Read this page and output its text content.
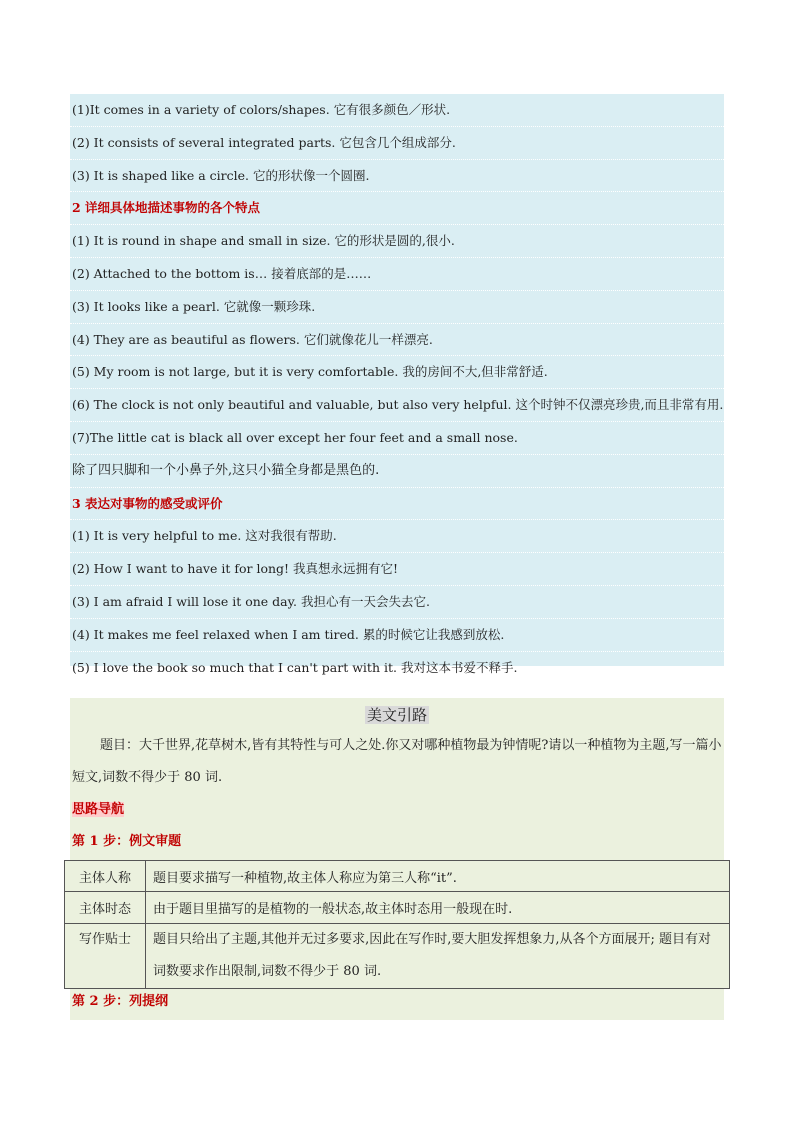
(1)It comes in a variety of colors/shapes. 它有很多颜色／形状.
(2) It consists of several integrated parts. 它包含几个组成部分.
(3) It is shaped like a circle. 它的形状像一个圆圈.
2 详细具体地描述事物的各个特点
(1) It is round in shape and small in size. 它的形状是圆的,很小.
(2) Attached to the bottom is… 接着底部的是……
(3) It looks like a pearl. 它就像一颗珍珠.
(4) They are as beautiful as flowers. 它们就像花儿一样漂亮.
(5) My room is not large, but it is very comfortable. 我的房间不大,但非常舒适.
(6) The clock is not only beautiful and valuable, but also very helpful. 这个时钟不仅漂亮珍贵,而且非常有用.
(7)The little cat is black all over except her four feet and a small nose.
除了四只脚和一个小鼻子外,这只小猫全身都是黑色的.
3 表达对事物的感受或评价
(1) It is very helpful to me. 这对我很有帮助.
(2) How I want to have it for long! 我真想永远拥有它!
(3) I am afraid I will lose it one day. 我担心有一天会失去它.
(4) It makes me feel relaxed when I am tired. 累的时候它让我感到放松.
(5) I love the book so much that I can't part with it. 我对这本书爱不释手.
美文引路
题目：大千世界,花草树木,皆有其特性与可人之处.你又对哪种植物最为钟情呢?请以一种植物为主题,写一篇小短文,词数不得少于 80 词.
思路导航
第 1 步：例文审题
第 2 步：列提纲
主体人称	题目要求描写一种植物,故主体人称应为第三人称“it”.
主体时态	由于题目里描写的是植物的一般状态,故主体时态用一般现在时.
写作贴士	题目只给出了主题,其他并无过多要求,因此在写作时,要大胆发挥想象力,从各个方面展开; 题目有对词数要求作出限制,词数不得少于 80 词.
